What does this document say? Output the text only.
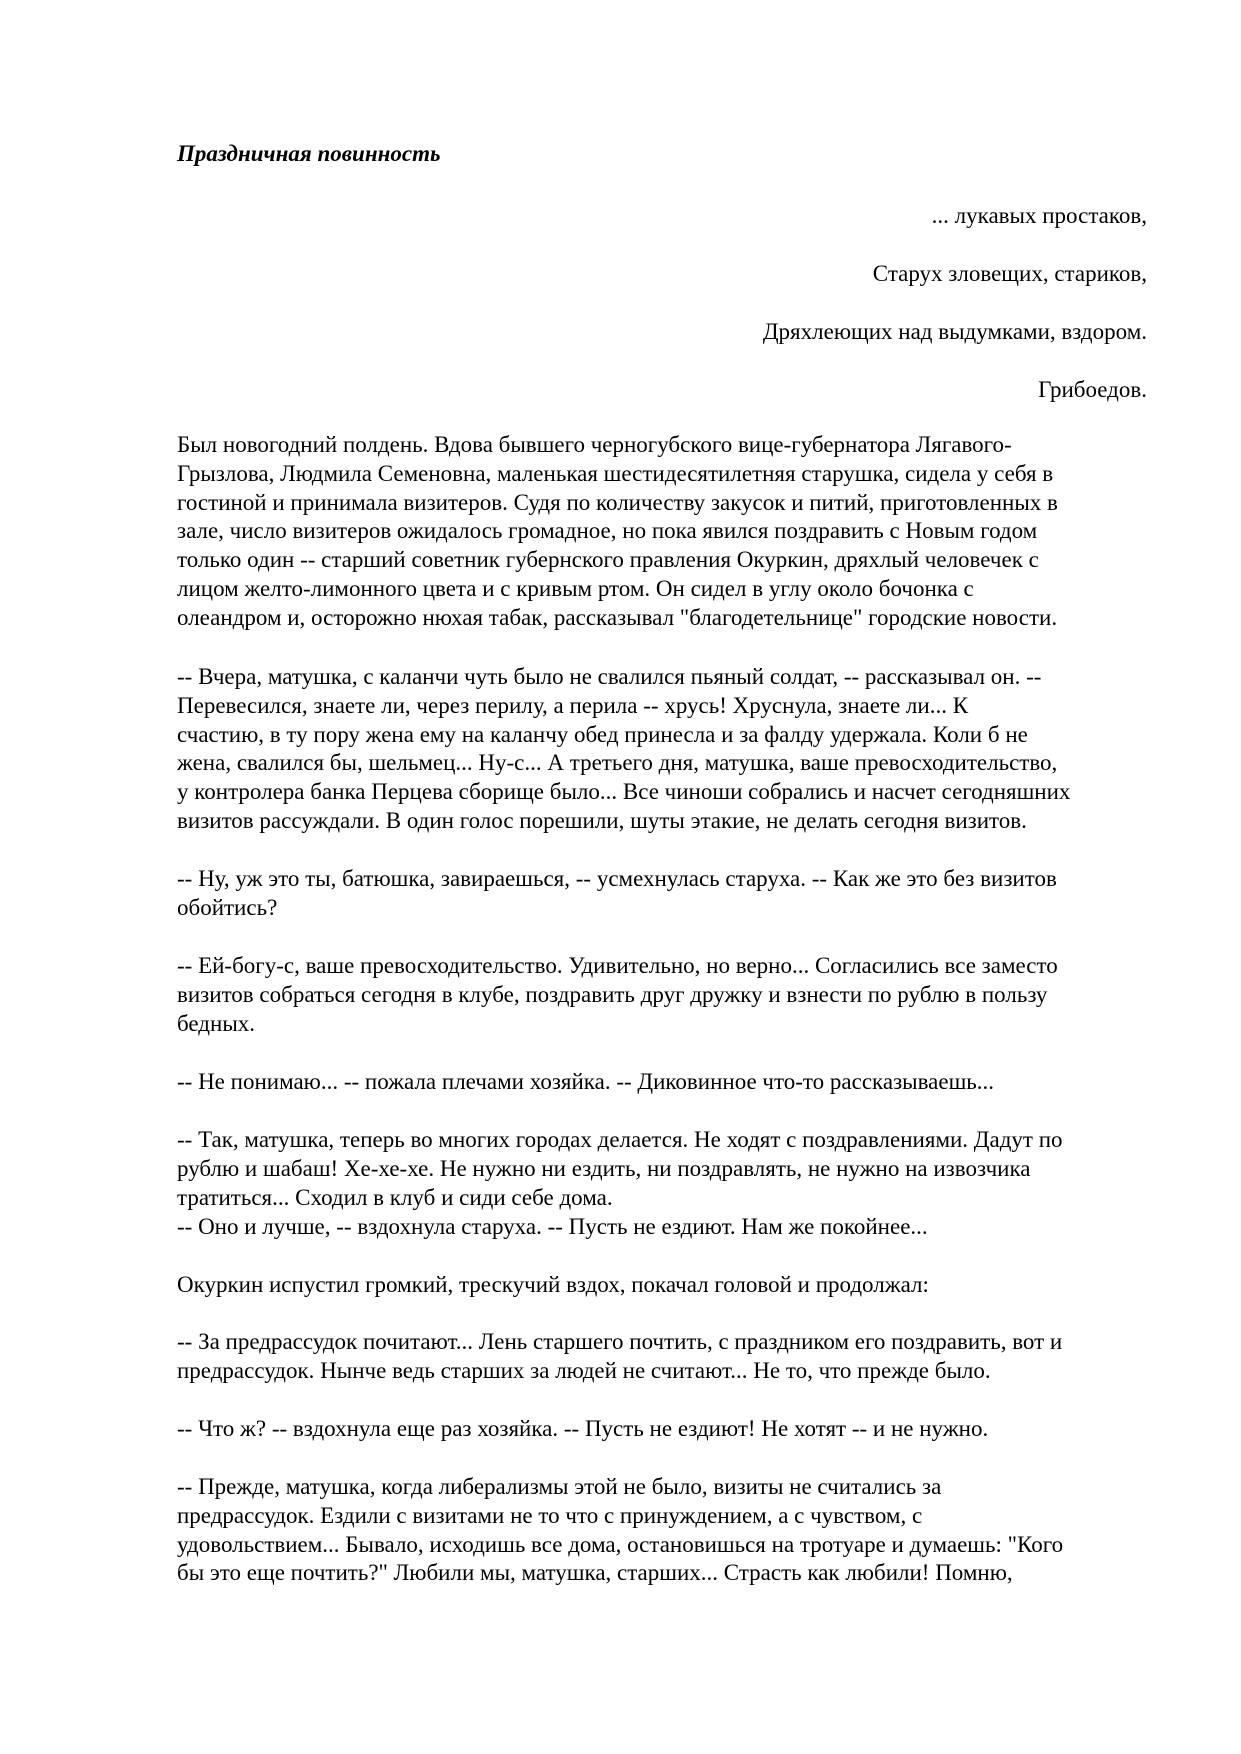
Праздничная повинность
... лукавых простаков,
Старух зловещих, стариков,
Дряхлеющих над выдумками, вздором.
Грибоедов.
Был новогодний полдень. Вдова бывшего черногубского вице-губернатора Лягавого-
Грызлова, Людмила Семеновна, маленькая шестидесятилетняя старушка, сидела у себя в
гостиной и принимала визитеров. Судя по количеству закусок и питий, приготовленных в
зале, число визитеров ожидалось громадное, но пока явился поздравить с Новым годом
только один -- старший советник губернского правления Окуркин, дряхлый человечек с
лицом желто-лимонного цвета и с кривым ртом. Он сидел в углу около бочонка с
олеандром и, осторожно нюхая табак, рассказывал "благодетельнице" городские новости.
-- Вчера, матушка, с каланчи чуть было не свалился пьяный солдат, -- рассказывал он. --
Перевесился, знаете ли, через перилу, а перила -- хрусь! Хруснула, знаете ли... К
счастию, в ту пору жена ему на каланчу обед принесла и за фалду удержала. Коли б не
жена, свалился бы, шельмец... Ну-с... А третьего дня, матушка, ваше превосходительство,
у контролера банка Перцева сборище было... Все чиноши собрались и насчет сегодняшних
визитов рассуждали. В один голос порешили, шуты этакие, не делать сегодня визитов.
-- Ну, уж это ты, батюшка, завираешься, -- усмехнулась старуха. -- Как же это без визитов
обойтись?
-- Ей-богу-с, ваше превосходительство. Удивительно, но верно... Согласились все заместо
визитов собраться сегодня в клубе, поздравить друг дружку и взнести по рублю в пользу
бедных.
-- Не понимаю... -- пожала плечами хозяйка. -- Диковинное что-то рассказываешь...
-- Так, матушка, теперь во многих городах делается. Не ходят с поздравлениями. Дадут по
рублю и шабаш! Хе-хе-хе. Не нужно ни ездить, ни поздравлять, не нужно на извозчика
тратиться... Сходил в клуб и сиди себе дома.
-- Оно и лучше, -- вздохнула старуха. -- Пусть не ездиют. Нам же покойнее...
Окуркин испустил громкий, трескучий вздох, покачал головой и продолжал:
-- За предрассудок почитают... Лень старшего почтить, с праздником его поздравить, вот и
предрассудок. Нынче ведь старших за людей не считают... Не то, что прежде было.
-- Что ж? -- вздохнула еще раз хозяйка. -- Пусть не ездиют! Не хотят -- и не нужно.
-- Прежде, матушка, когда либерализмы этой не было, визиты не считались за
предрассудок. Ездили с визитами не то что с принуждением, а с чувством, с
удовольствием... Бывало, исходишь все дома, остановишься на тротуаре и думаешь: "Кого
бы это еще почтить?" Любили мы, матушка, старших... Страсть как любили! Помню,
